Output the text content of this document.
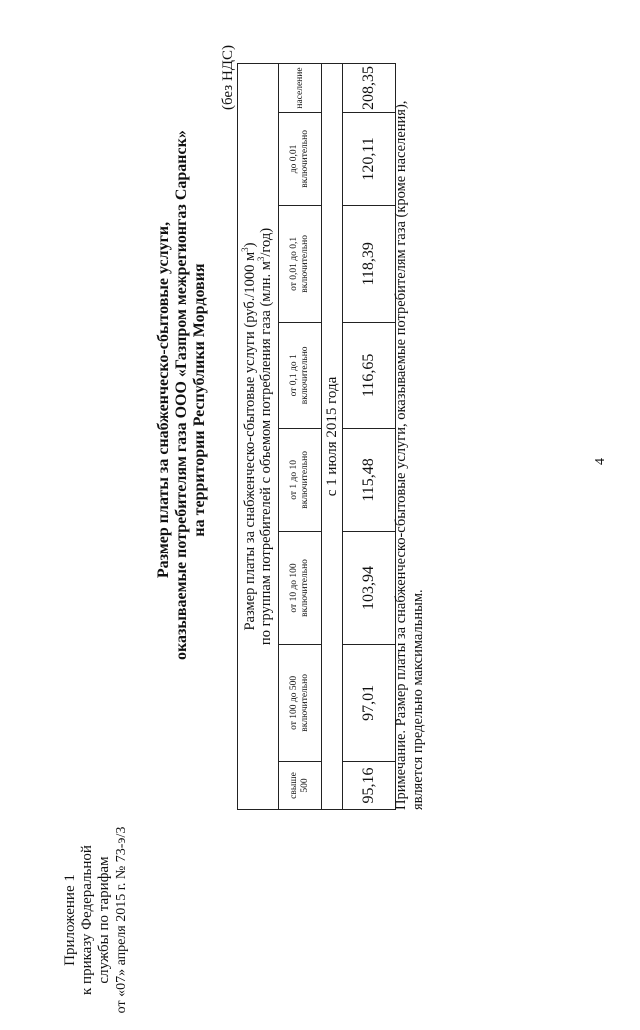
Приложение 1 к приказу Федеральной службы по тарифам от «07» апреля 2015 г. № 73-э/3
Размер платы за снабженческо-сбытовые услуги, оказываемые потребителям газа ООО «Газпром межрегионгаз Саранск» на территории Республики Мордовия
(без НДС)
Размер платы за снабженческо-сбытовые услуги (руб./1000 $м^3$)
по группам потребителей с объемом потребления газа (млн. $м^3/год$)							
свыше 500	от 100 до 500 включительно	от 10 до 100 включительно	от 1 до 10 включительно	от 0,1 до 1 включительно	от 0,01 до 0,1 включительно	до 0,01 включительно	население
с 1 июля 2015 года							
95,16	97,01	103,94	115,48	116,65	118,39	120,11	208,35
Примечание. Размер платы за снабженческо-сбытовые услуги, оказываемые потребителям газа (кроме населения), является предельно максимальным.
4
